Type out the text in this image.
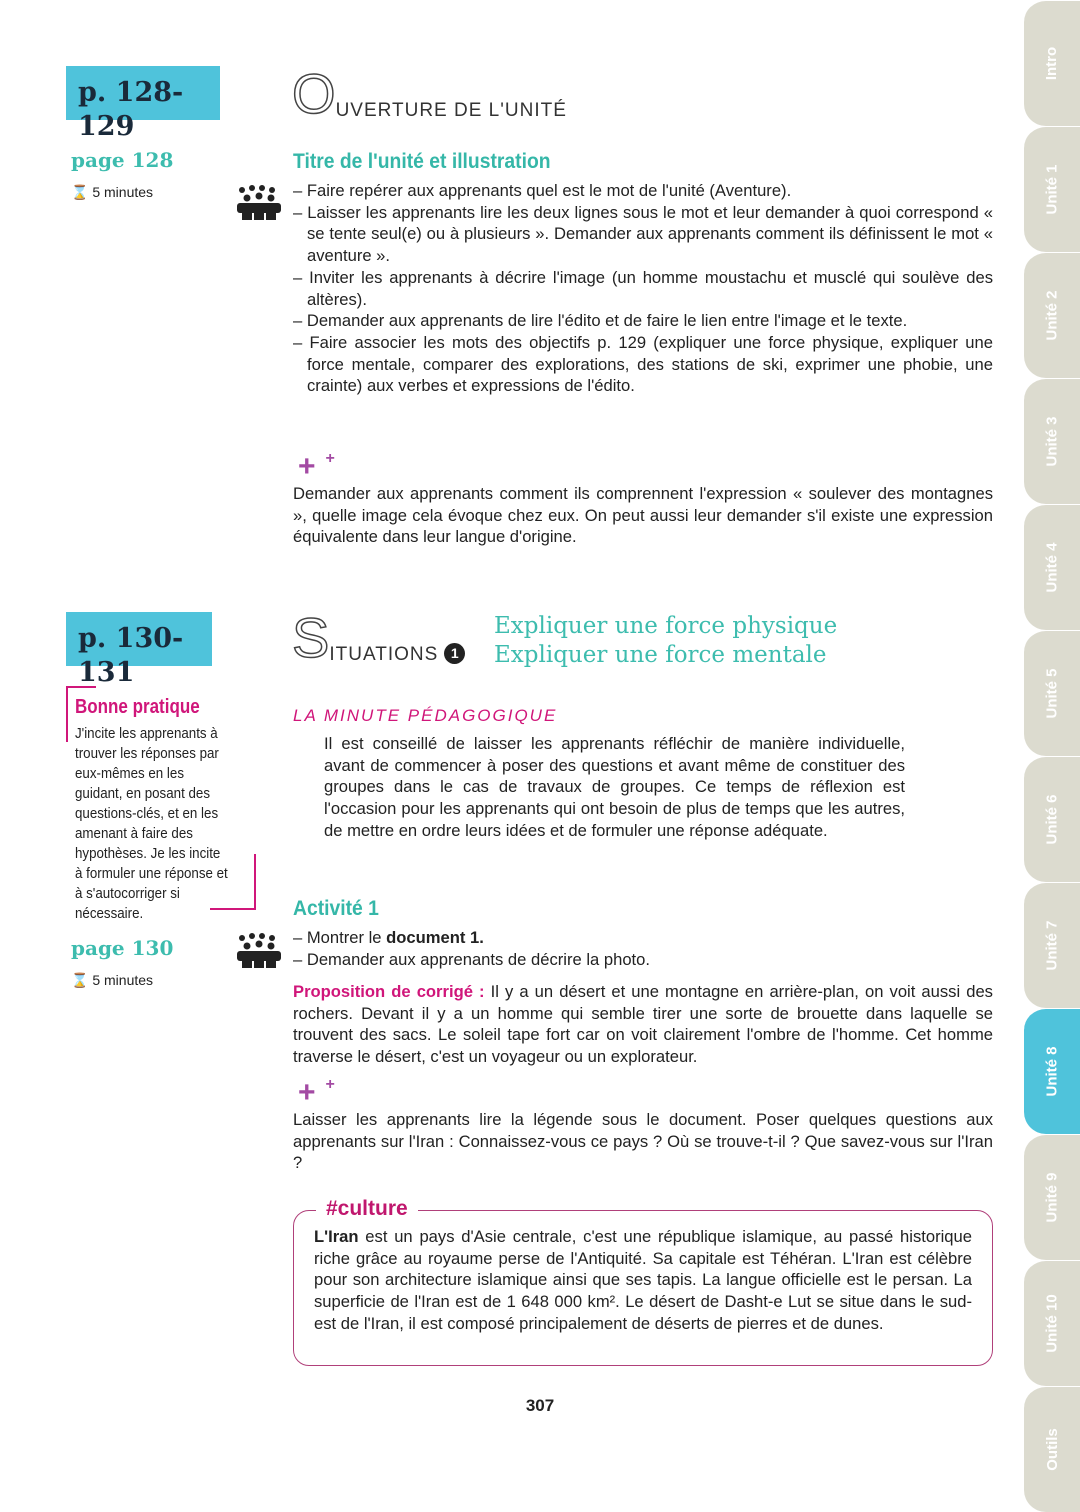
Intro
Unité 1
Unité 2
Unité 3
Unité 4
Unité 5
Unité 6
Unité 7
Unité 8
Unité 9
Unité 10
Outils
p. 128-129
page 128
⌛ 5 minutes
O UVERTURE DE L'UNITÉ
Titre de l'unité et illustration
– Faire repérer aux apprenants quel est le mot de l'unité (Aventure).
– Laisser les apprenants lire les deux lignes sous le mot et leur demander à quoi correspond « se tente seul(e) ou à plusieurs ». Demander aux apprenants comment ils définissent le mot « aventure ».
– Inviter les apprenants à décrire l'image (un homme moustachu et musclé qui soulève des altères).
– Demander aux apprenants de lire l'édito et de faire le lien entre l'image et le texte.
– Faire associer les mots des objectifs p. 129 (expliquer une force physique, expliquer une force mentale, comparer des explorations, des stations de ski, exprimer une phobie, une crainte) aux verbes et expressions de l'édito.
+ +
Demander aux apprenants comment ils comprennent l'expression « soulever des montagnes », quelle image cela évoque chez eux. On peut aussi leur demander s'il existe une expression équivalente dans leur langue d'origine.
p. 130-131
S ITUATIONS 1
Expliquer une force physique
Expliquer une force mentale
Bonne pratique
J'incite les apprenants à trouver les réponses par eux-mêmes en les guidant, en posant des questions-clés, et en les amenant à faire des hypothèses. Je les incite à formuler une réponse et à s'autocorriger si nécessaire.
page 130
⌛ 5 minutes
LA MINUTE PÉDAGOGIQUE
Il est conseillé de laisser les apprenants réfléchir de manière individuelle, avant de commencer à poser des questions et avant même de constituer des groupes dans le cas de travaux de groupes. Ce temps de réflexion est l'occasion pour les apprenants qui ont besoin de plus de temps que les autres, de mettre en ordre leurs idées et de formuler une réponse adéquate.
Activité 1
– Montrer le document 1.
– Demander aux apprenants de décrire la photo.
Proposition de corrigé : Il y a un désert et une montagne en arrière-plan, on voit aussi des rochers. Devant il y a un homme qui semble tirer une sorte de brouette dans laquelle se trouvent des sacs. Le soleil tape fort car on voit clairement l'ombre de l'homme. Cet homme traverse le désert, c'est un voyageur ou un explorateur.
+ +
Laisser les apprenants lire la légende sous le document. Poser quelques questions aux apprenants sur l'Iran : Connaissez-vous ce pays ? Où se trouve-t-il ? Que savez-vous sur l'Iran ?
#culture
L'Iran est un pays d'Asie centrale, c'est une république islamique, au passé historique riche grâce au royaume perse de l'Antiquité. Sa capitale est Téhéran. L'Iran est célèbre pour son architecture islamique ainsi que ses tapis. La langue officielle est le persan. La superficie de l'Iran est de 1 648 000 km². Le désert de Dasht-e Lut se situe dans le sud-est de l'Iran, il est composé principalement de déserts de pierres et de dunes.
307
